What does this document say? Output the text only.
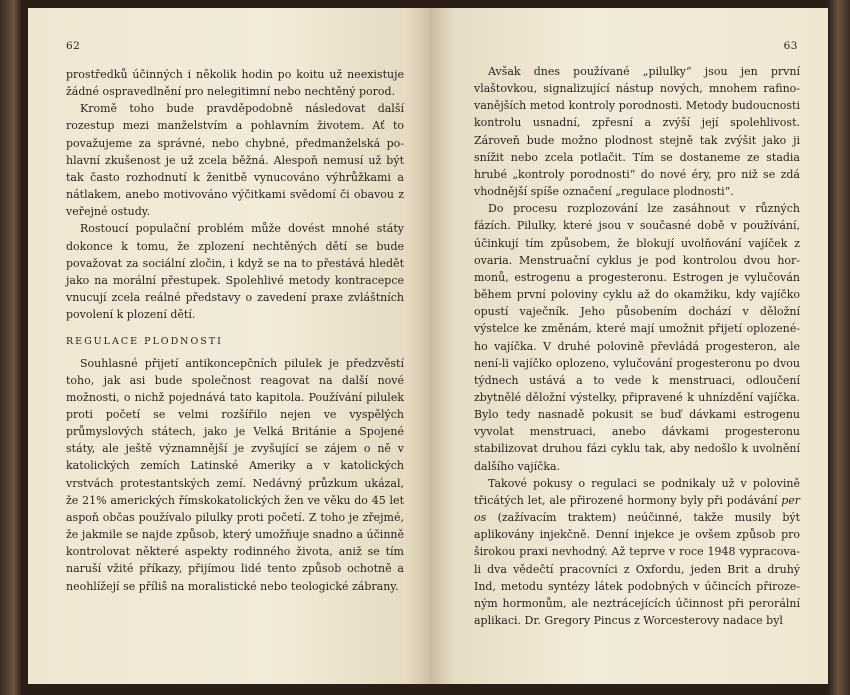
62

prostředků účinných i několik hodin po koitu už neexistuje žádné ospravedlnění pro nelegitimní nebo nechtěný porod.

Kromě toho bude pravděpodobně následovat další rozestup mezi manželstvím a pohlavním životem. Ať to považujeme za správné, nebo chybné, předmanželská pohlavní zkušenost je už zcela běžná. Alespoň nemusí už být tak často rozhodnutí k ženitbě vynucováno výhrůžkami a nátlakem, anebo motivováno výčitkami svědomí či obavou z veřejné ostudy.

Rostoucí populační problém může dovést mnohé státy dokonce k tomu, že zplození nechtěných dětí se bude považovat za sociální zločin, i když se na to přestává hledět jako na morální přestupek. Spolehlivé metody kontracepce vnucují zcela reálné představy o zavedení praxe zvláštních povolení k plození dětí.

REGULACE PLODNOSTI

Souhlasné přijetí antikoncepčních pilulek je předzvěstí toho, jak asi bude společnost reagovat na další nové možnosti, o nichž pojednává tato kapitola. Používání pilulek proti početí se velmi rozšířilo nejen ve vyspělých průmyslových státech, jako je Velká Británie a Spojené státy, ale ještě významnější je zvyšující se zájem o ně v katolických zemích Latinské Ameriky a v katolických vrstvách protestantských zemí. Nedávný průzkum ukázal, že 21% amerických římskokatolických žen ve věku do 45 let aspoň občas používalo pilulky proti početí. Z toho je zřejmé, že jakmile se najde způsob, který umožňuje snadno a účinně kontrolovat některé aspekty rodinného života, aniž se tím naruší vžité příkazy, přijímou lidé tento způsob ochotně a neohlížejí se příliš na moralistické nebo teologické zábrany.

63

Avšak dnes používané „pilulky“ jsou jen první vlaštovkou, signalizující nástup nových, mnohem rafinovanějších metod kontroly porodnosti. Metody budoucnosti kontrolu usnadní, zpřesní a zvýší její spolehlivost. Zároveň bude možno plodnost stejně tak zvýšit jako ji snížit nebo zcela potlačit. Tím se dostaneme ze stadia hrubé „kontroly porodnosti“ do nové éry, pro niž se zdá vhodnější spíše označení „regulace plodnosti“.

Do procesu rozplozování lze zasáhnout v různých fázích. Pilulky, které jsou v současné době v používání, účinkují tím způsobem, že blokují uvolňování vajíček z ovaria. Menstruační cyklus je pod kontrolou dvou hormonů, estrogenu a progesteronu. Estrogen je vylučován během první poloviny cyklu až do okamžiku, kdy vajíčko opustí vaječník. Jeho působením dochází v děložní výstelce ke změnám, které mají umožnit přijetí oplozeného vajíčka. V druhé polovině převládá progesteron, ale není-li vajíčko oplozeno, vylučování progesteronu po dvou týdnech ustává a to vede k menstruaci, odloučení zbytnělé děložní výstelky, připravené k uhnízdění vajíčka. Bylo tedy nasnadě pokusit se buď dávkami estrogenu vyvolat menstruaci, anebo dávkami progesteronu stabilizovat druhou fázi cyklu tak, aby nedošlo k uvolnění dalšího vajíčka.

Takové pokusy o regulaci se podnikaly už v polovině třicátých let, ale přirozené hormony byly při podávání per os (zažívacím traktem) neúčinné, takže musily být aplikovány injekčně. Denní injekce je ovšem způsob pro širokou praxi nevhodný. Až teprve v roce 1948 vypracovali dva vědečtí pracovníci z Oxfordu, jeden Brit a druhý Ind, metodu syntézy látek podobných v účincích přirozeným hormonům, ale neztrácejících účinnost při perorální aplikaci. Dr. Gregory Pincus z Worcesterovy nadace byl
